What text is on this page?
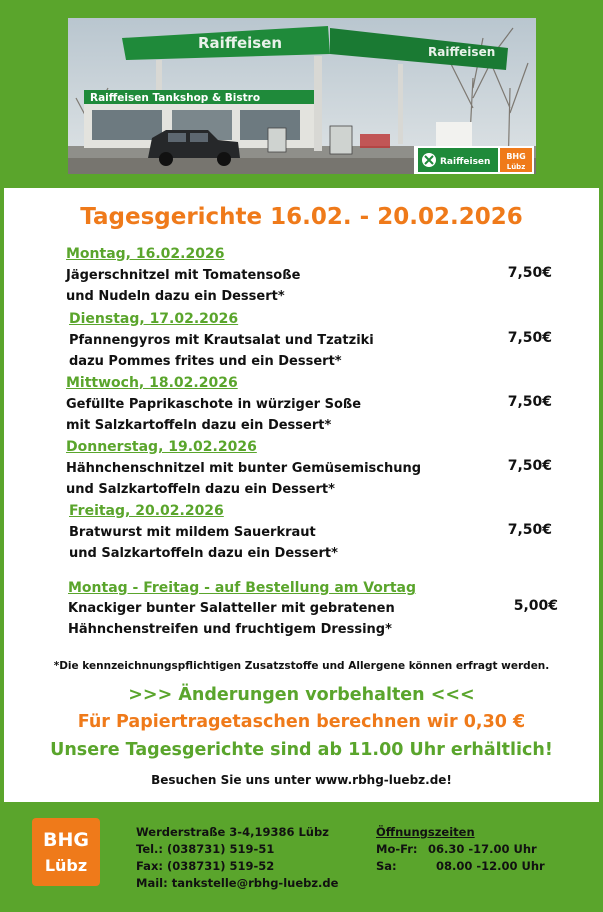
Raiffeisen	Raiffeisen
Raiffeisen Tankshop & Bistro
Raiffeisen
BHG
Lübz
Tagesgerichte 16.02. - 20.02.2026
Montag, 16.02.2026
Jägerschnitzel mit Tomatensoße
und Nudeln dazu ein Dessert*
7,50€
Dienstag, 17.02.2026
Pfannengyros mit Krautsalat und Tzatziki
dazu Pommes frites und ein Dessert*
7,50€
Mittwoch, 18.02.2026
Gefüllte Paprikaschote in würziger Soße
mit Salzkartoffeln dazu ein Dessert*
7,50€
Donnerstag, 19.02.2026
Hähnchenschnitzel mit bunter Gemüsemischung
und Salzkartoffeln dazu ein Dessert*
7,50€
Freitag, 20.02.2026
Bratwurst mit mildem Sauerkraut
und Salzkartoffeln dazu ein Dessert*
7,50€
Montag - Freitag - auf Bestellung am Vortag
Knackiger bunter Salatteller mit gebratenen
Hähnchenstreifen und fruchtigem Dressing*
5,00€
*Die kennzeichnungspflichtigen Zusatzstoffe und Allergene können erfragt werden.
>>> Änderungen vorbehalten <<<
Für Papiertragetaschen berechnen wir 0,30 €
Unsere Tagesgerichte sind ab 11.00 Uhr erhältlich!
Besuchen Sie uns unter www.rbhg-luebz.de!
BHG
Lübz
Werderstraße 3-4,19386 Lübz
Tel.: (038731) 519-51
Fax: (038731) 519-52
Mail: tankstelle@rbhg-luebz.de
Öffnungszeiten
Mo-Fr: 06.30 -17.00 Uhr
Sa:	08.00 -12.00 Uhr
